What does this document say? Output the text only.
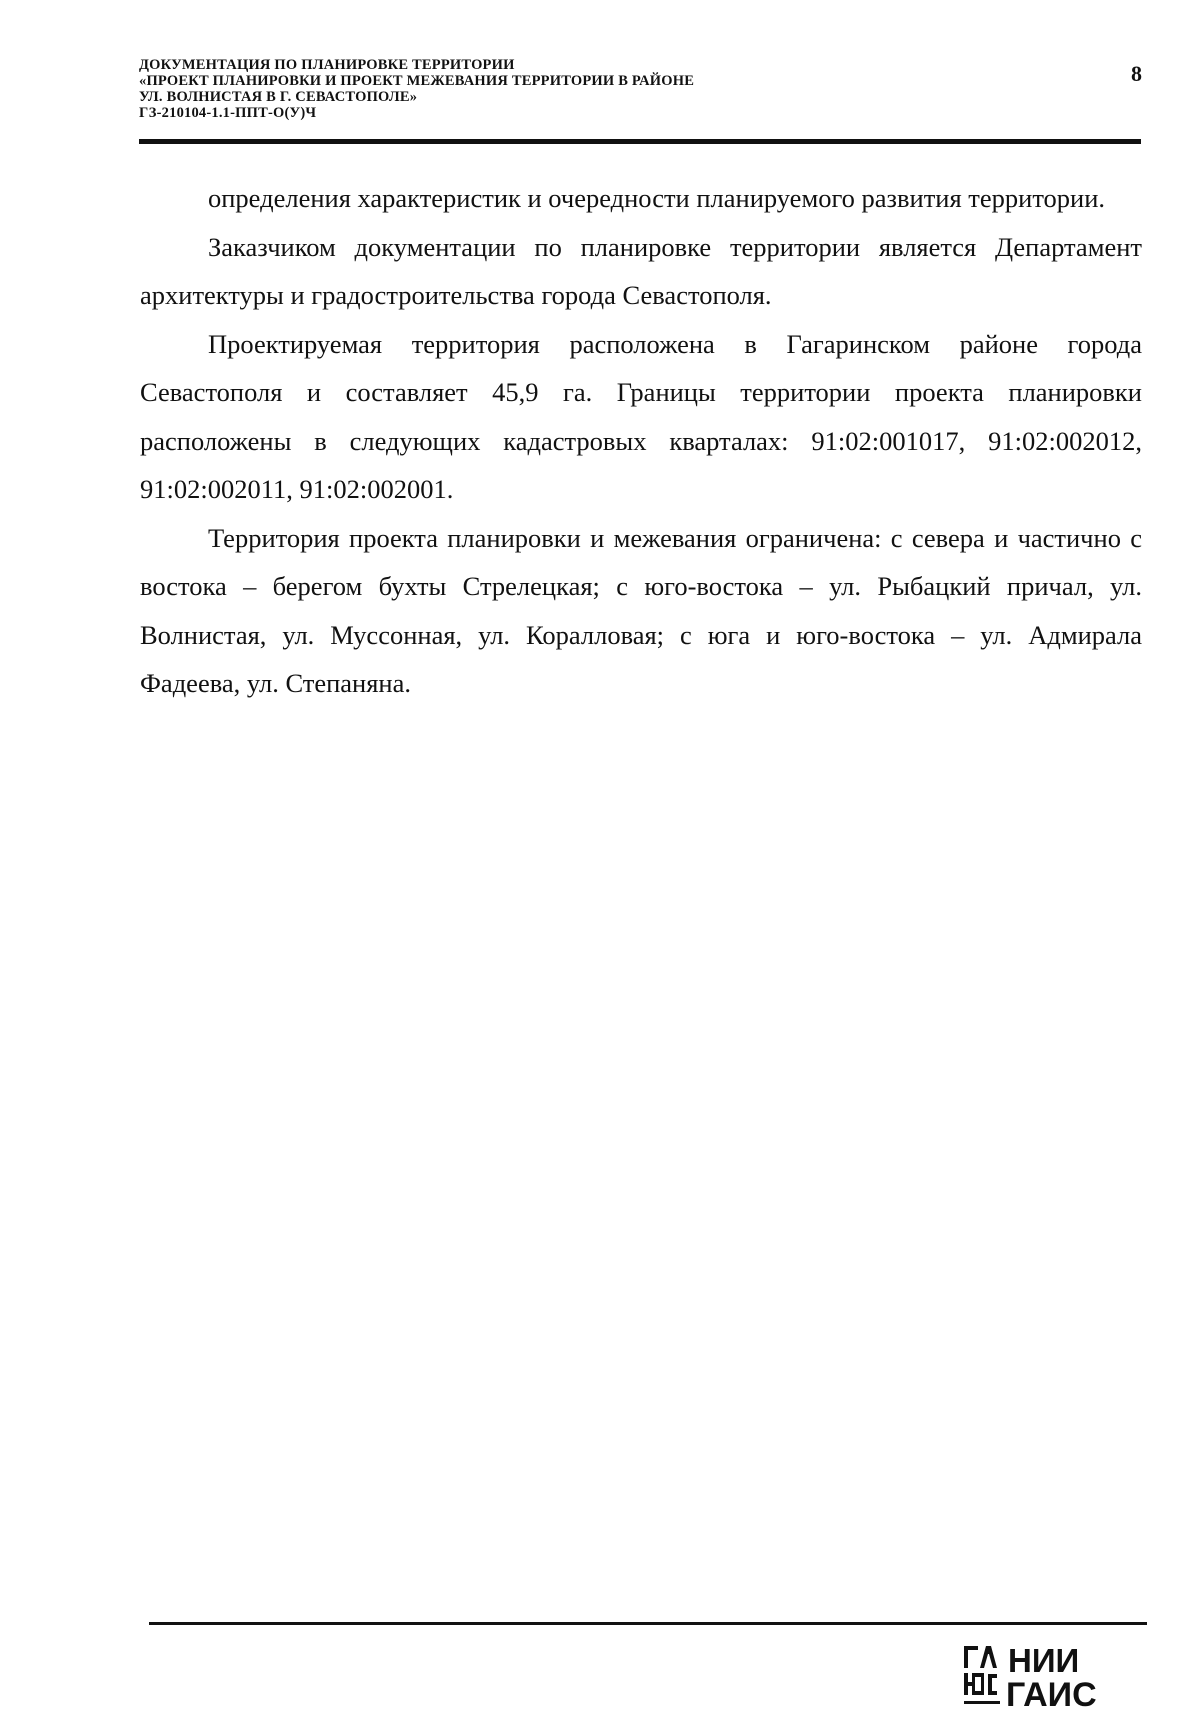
ДОКУМЕНТАЦИЯ ПО ПЛАНИРОВКЕ ТЕРРИТОРИИ
«ПРОЕКТ ПЛАНИРОВКИ И ПРОЕКТ МЕЖЕВАНИЯ ТЕРРИТОРИИ В РАЙОНЕ
УЛ. ВОЛНИСТАЯ В Г. СЕВАСТОПОЛЕ»
ГЗ-210104-1.1-ППТ-О(У)Ч
8

определения характеристик и очередности планируемого развития территории.

Заказчиком документации по планировке территории является Департамент архитектуры и градостроительства города Севастополя.

Проектируемая территория расположена в Гагаринском районе города Севастополя и составляет 45,9 га. Границы территории проекта планировки расположены в следующих кадастровых кварталах: 91:02:001017, 91:02:002012, 91:02:002011, 91:02:002001.

Территория проекта планировки и межевания ограничена: с севера и частично с востока – берегом бухты Стрелецкая; с юго-востока – ул. Рыбацкий причал, ул. Волнистая, ул. Муссонная, ул. Коралловая; с юга и юго-востока – ул. Адмирала Фадеева, ул. Степаняна.

НИИ
ГАИС
